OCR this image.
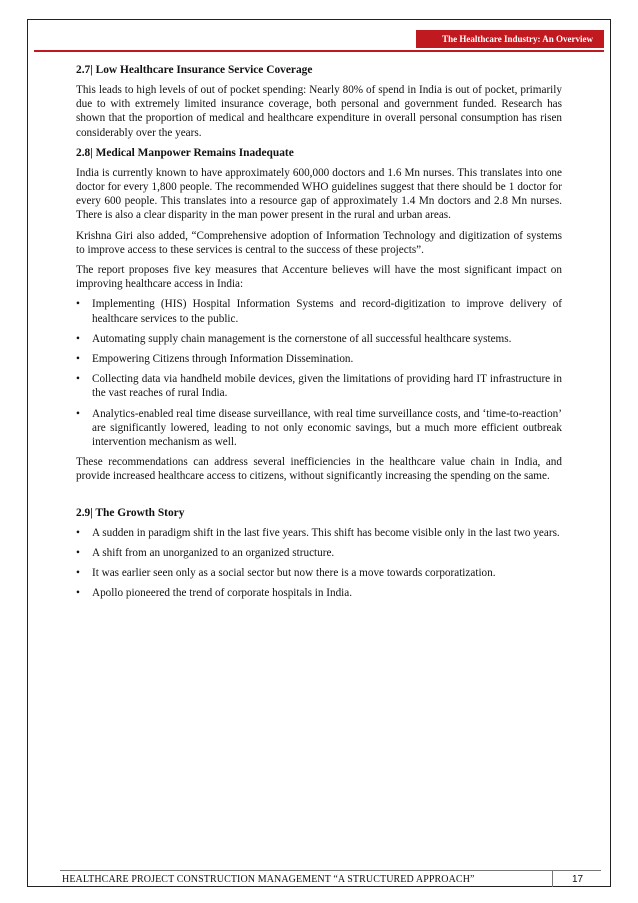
The Healthcare Industry: An Overview
2.7| Low Healthcare Insurance Service Coverage

This leads to high levels of out of pocket spending: Nearly 80% of spend in India is out of pocket, primarily due to with extremely limited insurance coverage, both personal and government funded. Research has shown that the proportion of medical and healthcare expenditure in overall personal consumption has risen considerably over the years.

2.8| Medical Manpower Remains Inadequate

India is currently known to have approximately 600,000 doctors and 1.6 Mn nurses. This translates into one doctor for every 1,800 people. The recommended WHO guidelines suggest that there should be 1 doctor for every 600 people. This translates into a resource gap of approximately 1.4 Mn doctors and 2.8 Mn nurses. There is also a clear disparity in the man power present in the rural and urban areas.

Krishna Giri also added, “Comprehensive adoption of Information Technology and digitization of systems to improve access to these services is central to the success of these projects”.

The report proposes five key measures that Accenture believes will have the most significant impact on improving healthcare access in India:

• Implementing (HIS) Hospital Information Systems and record-digitization to improve delivery of healthcare services to the public.
• Automating supply chain management is the cornerstone of all successful healthcare systems.
• Empowering Citizens through Information Dissemination.
• Collecting data via handheld mobile devices, given the limitations of providing hard IT infrastructure in the vast reaches of rural India.
• Analytics-enabled real time disease surveillance, with real time surveillance costs, and ‘time-to-reaction’ are significantly lowered, leading to not only economic savings, but a much more efficient outbreak intervention mechanism as well.

These recommendations can address several inefficiencies in the healthcare value chain in India, and provide increased healthcare access to citizens, without significantly increasing the spending on the same.

2.9| The Growth Story
• A sudden in paradigm shift in the last five years. This shift has become visible only in the last two years.
• A shift from an unorganized to an organized structure.
• It was earlier seen only as a social sector but now there is a move towards corporatization.
• Apollo pioneered the trend of corporate hospitals in India.
HEALTHCARE PROJECT CONSTRUCTION MANAGEMENT “A STRUCTURED APPROACH”	17
